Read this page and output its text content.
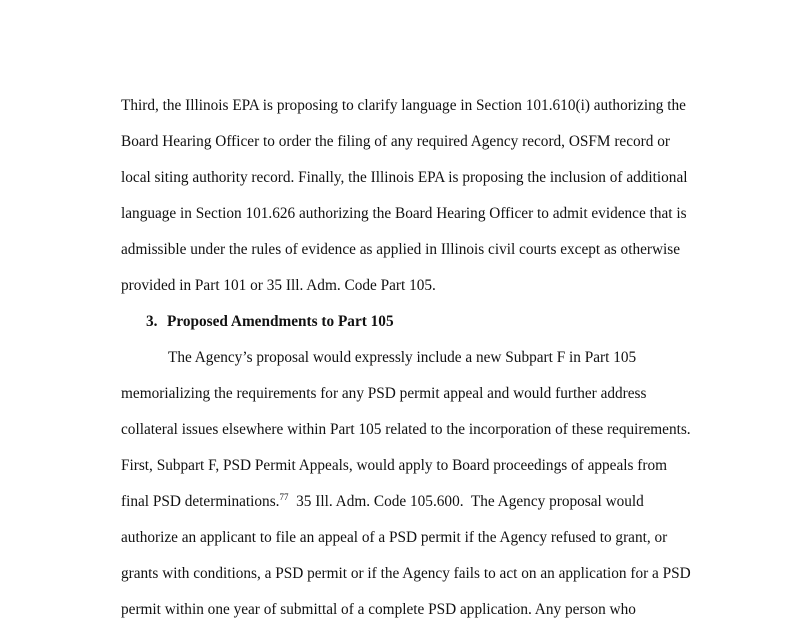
Third, the Illinois EPA is proposing to clarify language in Section 101.610(i) authorizing the
Board Hearing Officer to order the filing of any required Agency record, OSFM record or
local siting authority record. Finally, the Illinois EPA is proposing the inclusion of additional
language in Section 101.626 authorizing the Board Hearing Officer to admit evidence that is
admissible under the rules of evidence as applied in Illinois civil courts except as otherwise
provided in Part 101 or 35 Ill. Adm. Code Part 105.
3. Proposed Amendments to Part 105
The Agency’s proposal would expressly include a new Subpart F in Part 105
memorializing the requirements for any PSD permit appeal and would further address
collateral issues elsewhere within Part 105 related to the incorporation of these requirements.
First, Subpart F, PSD Permit Appeals, would apply to Board proceedings of appeals from
final PSD determinations.$^{77}$  35 Ill. Adm. Code 105.600.  The Agency proposal would
authorize an applicant to file an appeal of a PSD permit if the Agency refused to grant, or
grants with conditions, a PSD permit or if the Agency fails to act on an application for a PSD
permit within one year of submittal of a complete PSD application. Any person who
